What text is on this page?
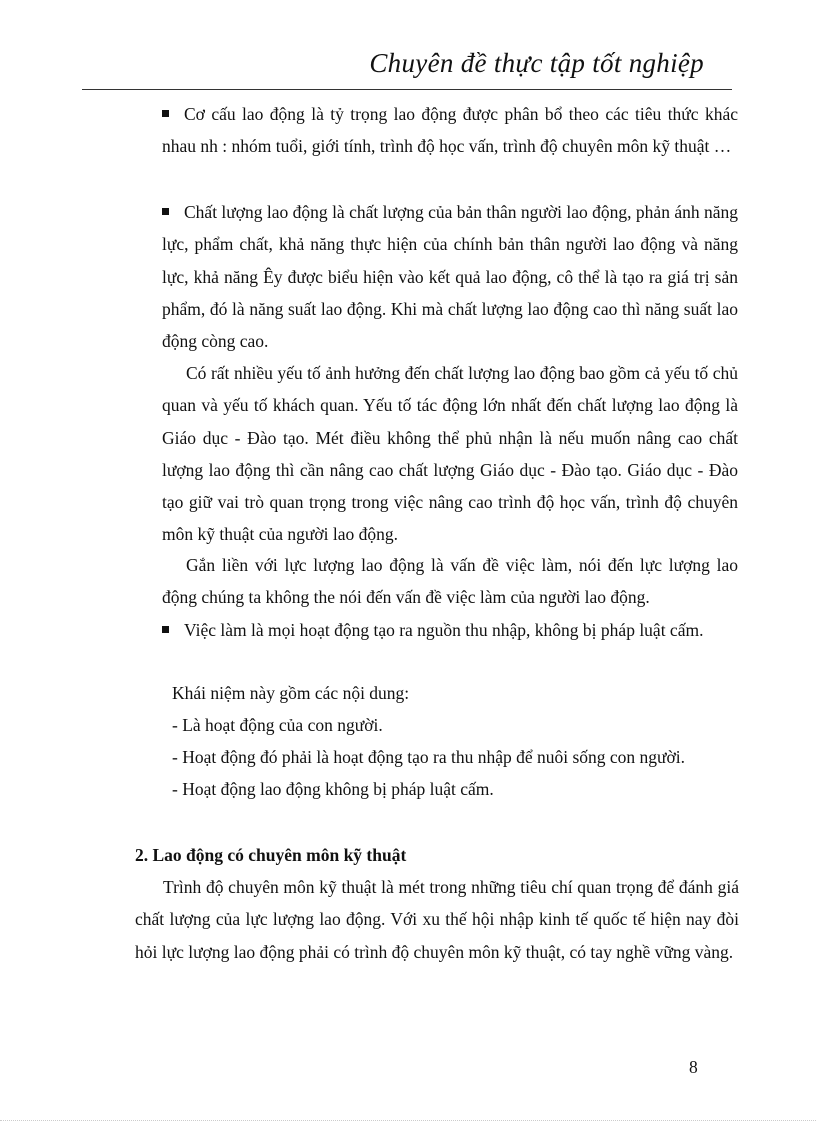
Chuyên đề thực tập tốt nghiệp
Cơ cấu lao động là tỷ trọng lao động được phân bổ theo các tiêu thức khác nhau nh : nhóm tuổi, giới tính, trình độ học vấn, trình độ chuyên môn kỹ thuật …
Chất lượng lao động là chất lượng của bản thân người lao động, phản ánh năng lực, phẩm chất, khả năng thực hiện của chính bản thân người lao động và năng lực, khả năng Êy được biểu hiện vào kết quả lao động, cô thể là tạo ra giá trị sản phẩm, đó là năng suất lao động. Khi mà chất lượng lao động cao thì năng suất lao động còng cao.
Có rất nhiều yếu tố ảnh hưởng đến chất lượng lao động bao gồm cả yếu tố chủ quan và yếu tố khách quan. Yếu tố tác động lớn nhất đến chất lượng lao động là Giáo dục - Đào tạo. Mét điều không thể phủ nhận là nếu muốn nâng cao chất lượng lao động thì cần nâng cao chất lượng Giáo dục - Đào tạo. Giáo dục - Đào tạo giữ vai trò quan trọng trong việc nâng cao trình độ học vấn, trình độ chuyên môn kỹ thuật của người lao động.
Gắn liền với lực lượng lao động là vấn đề việc làm, nói đến lực lượng lao động chúng ta không the nói đến vấn đề việc làm của người lao động.
Việc làm là mọi hoạt động tạo ra nguồn thu nhập, không bị pháp luật cấm.
Khái niệm này gồm các nội dung:
- Là hoạt động của con người.
- Hoạt động đó phải là hoạt động tạo ra thu nhập để nuôi sống con người.
- Hoạt động lao động không bị pháp luật cấm.
2. Lao động có chuyên môn kỹ thuật
Trình độ chuyên môn kỹ thuật là mét trong những tiêu chí quan trọng để đánh giá chất lượng của lực lượng lao động. Với xu thế hội nhập kinh tế quốc tế hiện nay đòi hỏi lực lượng lao động phải có trình độ chuyên môn kỹ thuật, có tay nghề vững vàng.
8
